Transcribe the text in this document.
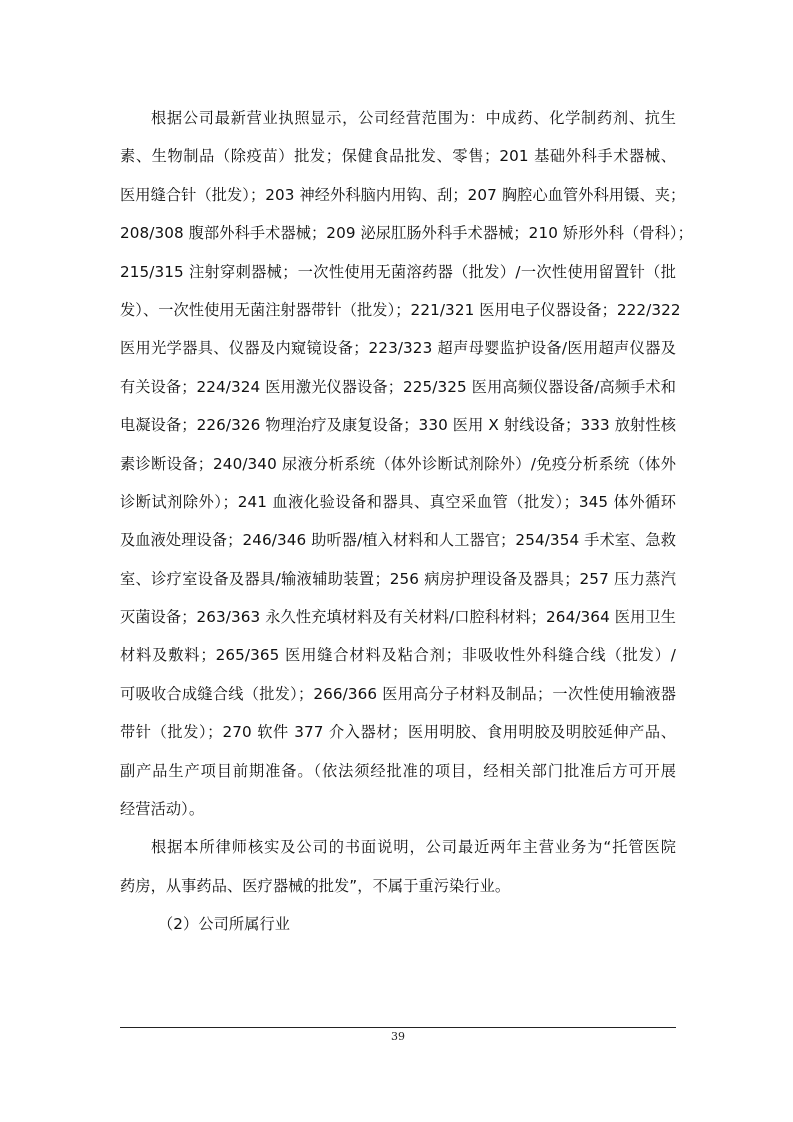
根据公司最新营业执照显示，公司经营范围为：中成药、化学制药剂、抗生
素、生物制品（除疫苗）批发；保健食品批发、零售；201 基础外科手术器械、
医用缝合针（批发）；203 神经外科脑内用钩、刮；207 胸腔心血管外科用镊、夹；
208/308 腹部外科手术器械；209 泌尿肛肠外科手术器械；210 矫形外科（骨科）；
215/315 注射穿刺器械；一次性使用无菌溶药器（批发）/一次性使用留置针（批
发）、一次性使用无菌注射器带针（批发）；221/321 医用电子仪器设备；222/322
医用光学器具、仪器及内窥镜设备；223/323 超声母婴监护设备/医用超声仪器及
有关设备；224/324 医用激光仪器设备；225/325 医用高频仪器设备/高频手术和
电凝设备；226/326 物理治疗及康复设备；330 医用 X 射线设备；333 放射性核
素诊断设备；240/340 尿液分析系统（体外诊断试剂除外）/免疫分析系统（体外
诊断试剂除外）；241 血液化验设备和器具、真空采血管（批发）；345 体外循环
及血液处理设备；246/346 助听器/植入材料和人工器官；254/354 手术室、急救
室、诊疗室设备及器具/输液辅助装置；256 病房护理设备及器具；257 压力蒸汽
灭菌设备；263/363 永久性充填材料及有关材料/口腔科材料；264/364 医用卫生
材料及敷料；265/365 医用缝合材料及粘合剂；非吸收性外科缝合线（批发）/
可吸收合成缝合线（批发）；266/366 医用高分子材料及制品；一次性使用输液器
带针（批发）；270 软件 377 介入器材；医用明胶、食用明胶及明胶延伸产品、
副产品生产项目前期准备。（依法须经批准的项目，经相关部门批准后方可开展
经营活动）。
根据本所律师核实及公司的书面说明，公司最近两年主营业务为“托管医院
药房，从事药品、医疗器械的批发”，不属于重污染行业。
（2）公司所属行业
39
